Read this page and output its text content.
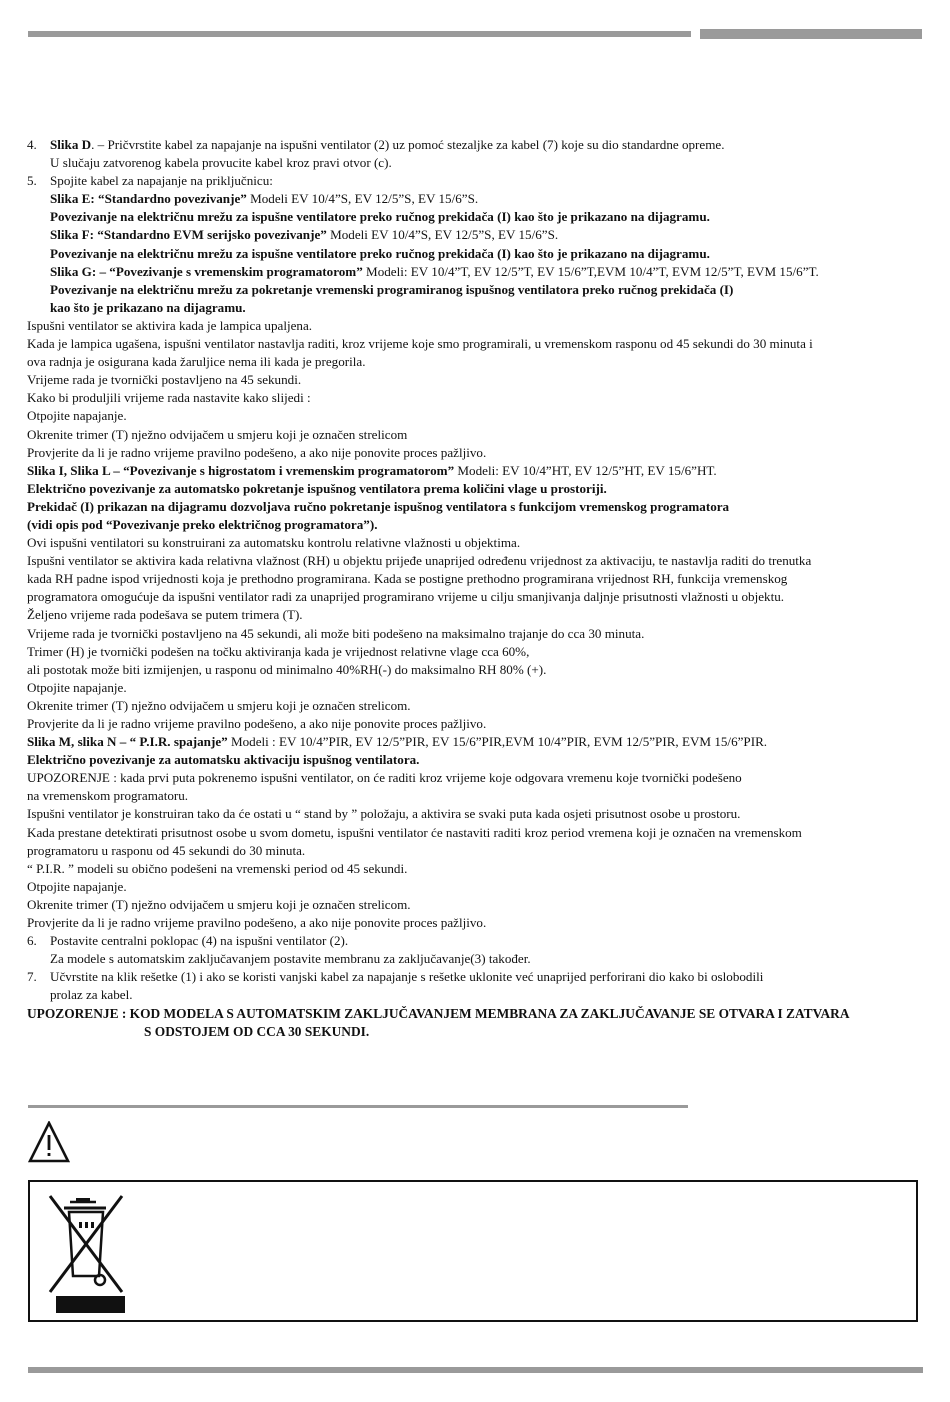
4. Slika D. – Pričvrstite kabel za napajanje na ispušni ventilator (2) uz pomoć stezaljke za kabel (7) koje su dio standardne opreme.
U slučaju zatvorenog kabela provucite kabel kroz pravi otvor (c).
5. Spojite kabel za napajanje na priključnicu:
Slika E: “Standardno povezivanje” Modeli EV 10/4”S, EV 12/5”S, EV 15/6”S.
Povezivanje na električnu mrežu za ispušne ventilatore preko ručnog prekidača (I) kao što je prikazano na dijagramu.
Slika F: “Standardno EVM serijsko povezivanje” Modeli EV 10/4”S, EV 12/5”S, EV 15/6”S.
Povezivanje na električnu mrežu za ispušne ventilatore preko ručnog prekidača (I) kao što je prikazano na dijagramu.
Slika G: – “Povezivanje s vremenskim programatorom” Modeli: EV 10/4”T, EV 12/5”T, EV 15/6”T,EVM 10/4”T, EVM 12/5”T, EVM 15/6”T.
Povezivanje na električnu mrežu za pokretanje vremenski programiranog ispušnog ventilatora preko ručnog prekidača (I)
kao što je prikazano na dijagramu.
Ispušni ventilator se aktivira kada je lampica upaljena.
Kada je lampica ugašena, ispušni ventilator nastavlja raditi, kroz vrijeme koje smo programirali, u vremenskom rasponu od 45 sekundi do 30 minuta i
ova radnja je osigurana kada žaruljice nema ili kada je pregorila.
Vrijeme rada je tvornički postavljeno na 45 sekundi.
Kako bi produljili vrijeme rada nastavite kako slijedi :
Otpojite napajanje.
Okrenite trimer (T) nježno odvijačem u smjeru koji je označen strelicom
Provjerite da li je radno vrijeme pravilno podešeno, a ako nije ponovite proces pažljivo.
Slika I, Slika L – “Povezivanje s higrostatom i vremenskim programatorom” Modeli: EV 10/4”HT, EV 12/5”HT, EV 15/6”HT.
Električno povezivanje za automatsko pokretanje ispušnog ventilatora prema količini vlage u prostoriji.
Prekidač (I) prikazan na dijagramu dozvoljava ručno pokretanje ispušnog ventilatora s funkcijom vremenskog programatora
(vidi opis pod “Povezivanje preko električnog programatora”).
Ovi ispušni ventilatori su konstruirani za automatsku kontrolu relativne vlažnosti u objektima.
Ispušni ventilator se aktivira kada relativna vlažnost (RH) u objektu prijeđe unaprijed određenu vrijednost za aktivaciju, te nastavlja raditi do trenutka
kada RH padne ispod vrijednosti koja je prethodno programirana. Kada se postigne prethodno programirana vrijednost RH, funkcija vremenskog
programatora omogućuje da ispušni ventilator radi za unaprijed programirano vrijeme u cilju smanjivanja daljnje prisutnosti vlažnosti u objektu.
Željeno vrijeme rada podešava se putem trimera (T).
Vrijeme rada je tvornički postavljeno na 45 sekundi, ali može biti podešeno na maksimalno trajanje do cca 30 minuta.
Trimer (H) je tvornički podešen na točku aktiviranja kada je vrijednost relativne vlage cca 60%,
ali postotak može biti izmijenjen, u rasponu od minimalno 40%RH(-) do maksimalno RH 80% (+).
Otpojite napajanje.
Okrenite trimer (T) nježno odvijačem u smjeru koji je označen strelicom.
Provjerite da li je radno vrijeme pravilno podešeno, a ako nije ponovite proces pažljivo.
Slika M, slika N – “ P.I.R. spajanje” Modeli : EV 10/4”PIR, EV 12/5”PIR, EV 15/6”PIR,EVM 10/4”PIR, EVM 12/5”PIR, EVM 15/6”PIR.
Električno povezivanje za automatsku aktivaciju ispušnog ventilatora.
UPOZORENJE : kada prvi puta pokrenemo ispušni ventilator, on će raditi kroz vrijeme koje odgovara vremenu koje tvornički podešeno
na vremenskom programatoru.
Ispušni ventilator je konstruiran tako da će ostati u “ stand by ” položaju, a aktivira se svaki puta kada osjeti prisutnost osobe u prostoru.
Kada prestane detektirati prisutnost osobe u svom dometu, ispušni ventilator će nastaviti raditi kroz period vremena koji je označen na vremenskom
programatoru u rasponu od 45 sekundi do 30 minuta.
“ P.I.R. ” modeli su obično podešeni na vremenski period od 45 sekundi.
Otpojite napajanje.
Okrenite trimer (T) nježno odvijačem u smjeru koji je označen strelicom.
Provjerite da li je radno vrijeme pravilno podešeno, a ako nije ponovite proces pažljivo.
6. Postavite centralni poklopac (4) na ispušni ventilator (2).
Za modele s automatskim zaključavanjem postavite membranu za zaključavanje(3) također.
7. Učvrstite na klik rešetke (1) i ako se koristi vanjski kabel za napajanje s rešetke uklonite već unaprijed perforirani dio kako bi oslobodili
prolaz za kabel.
UPOZORENJE : KOD MODELA S AUTOMATSKIM ZAKLJUČAVANJEM MEMBRANA ZA ZAKLJUČAVANJE SE OTVARA I ZATVARA
S ODSTOJEM OD CCA 30 SEKUNDI.
